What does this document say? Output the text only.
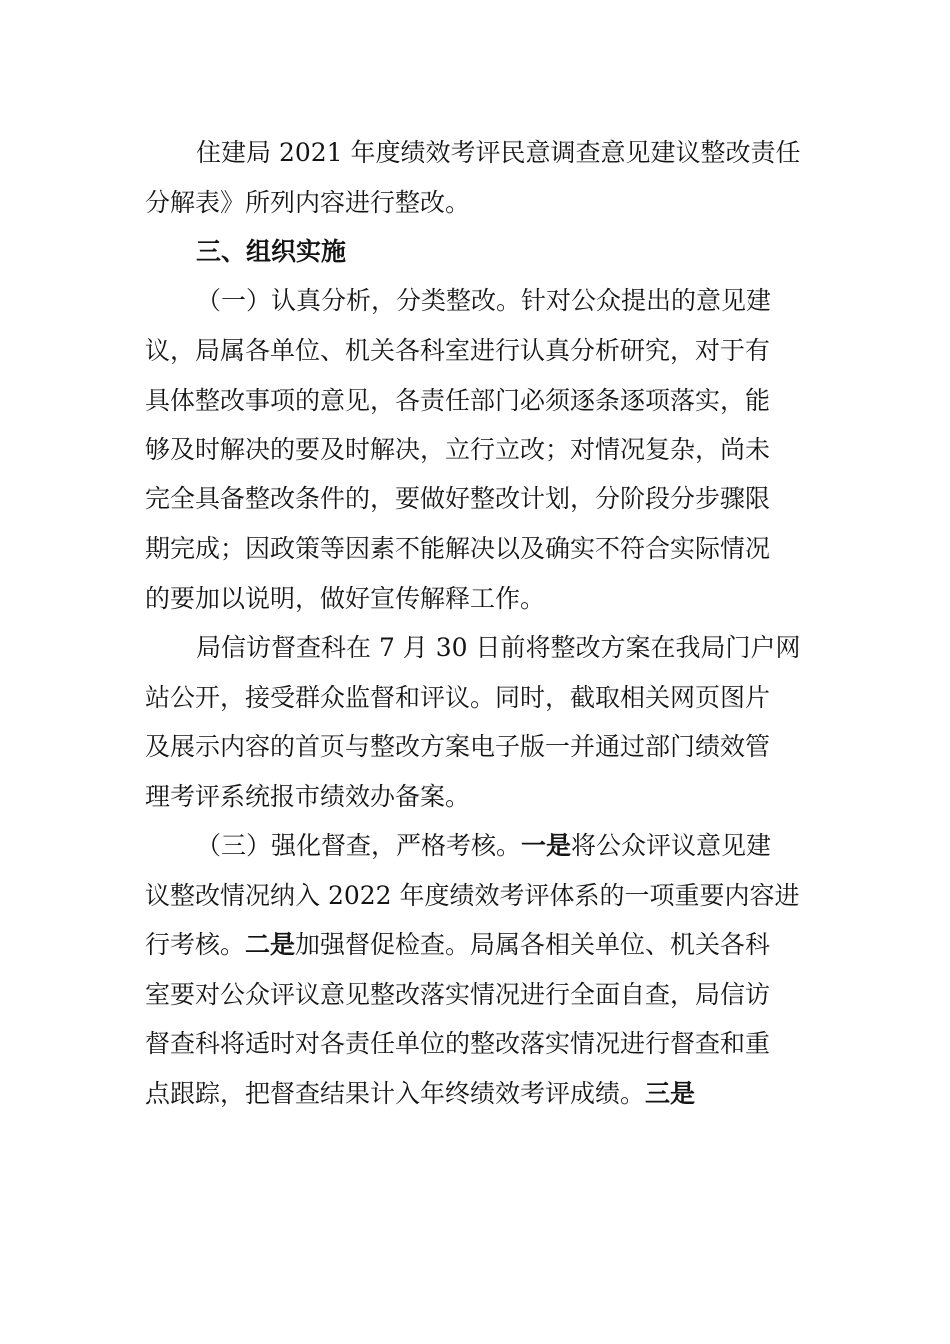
住建局 2021 年度绩效考评民意调查意见建议整改责任
分解表》所列内容进行整改。
三、组织实施
（一）认真分析，分类整改。针对公众提出的意见建
议，局属各单位、机关各科室进行认真分析研究，对于有
具体整改事项的意见，各责任部门必须逐条逐项落实，能
够及时解决的要及时解决，立行立改；对情况复杂，尚未
完全具备整改条件的，要做好整改计划，分阶段分步骤限
期完成；因政策等因素不能解决以及确实不符合实际情况
的要加以说明，做好宣传解释工作。
局信访督查科在 7 月 30 日前将整改方案在我局门户网
站公开，接受群众监督和评议。同时，截取相关网页图片
及展示内容的首页与整改方案电子版一并通过部门绩效管
理考评系统报市绩效办备案。
（三）强化督查，严格考核。一是将公众评议意见建
议整改情况纳入 2022 年度绩效考评体系的一项重要内容进
行考核。二是加强督促检查。局属各相关单位、机关各科
室要对公众评议意见整改落实情况进行全面自查，局信访
督查科将适时对各责任单位的整改落实情况进行督查和重
点跟踪，把督查结果计入年终绩效考评成绩。三是
